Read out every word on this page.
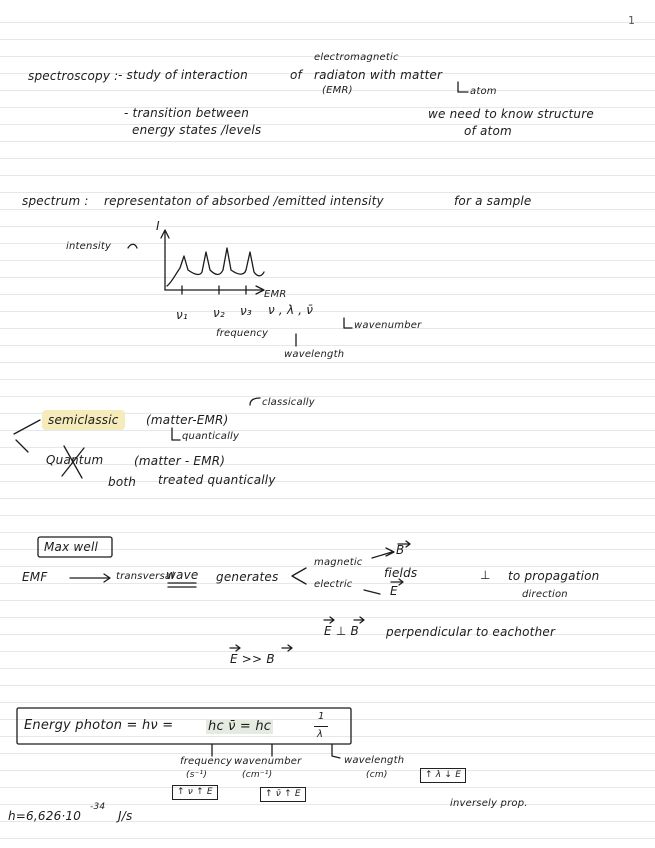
1
spectroscopy : - study of interaction	of
electromagnetic
radiaton with matter
(EMR)	atom
- transition between
energy states /levels
we need to know structure
of atom
spectrum : representaton of absorbed /emitted intensity	for a sample
I
intensity
EMR
ν₁ ν₂ ν₃ ν , λ , ν̄
frequency
wavenumber
wavelength
classically
semiclassic	(matter-EMR)
quantically
Quantum	(matter - EMR)
both treated quantically
Max well
EMF	transversal
wave generates
magnetic
electric
B
fields
E
⊥ to propagation
direction
E ⊥ B perpendicular to eachother
E >> B
Energy photon = hν =	hc ν̄ = hc
1
λ
frequency
(s⁻¹)
↑ ν ↑ E
wavenumber
(cm⁻¹)
↑ ν̄ ↑ E
wavelength
(cm)	↑ λ ↓ E
inversely prop.
h=6,626·10
-34
J/s
